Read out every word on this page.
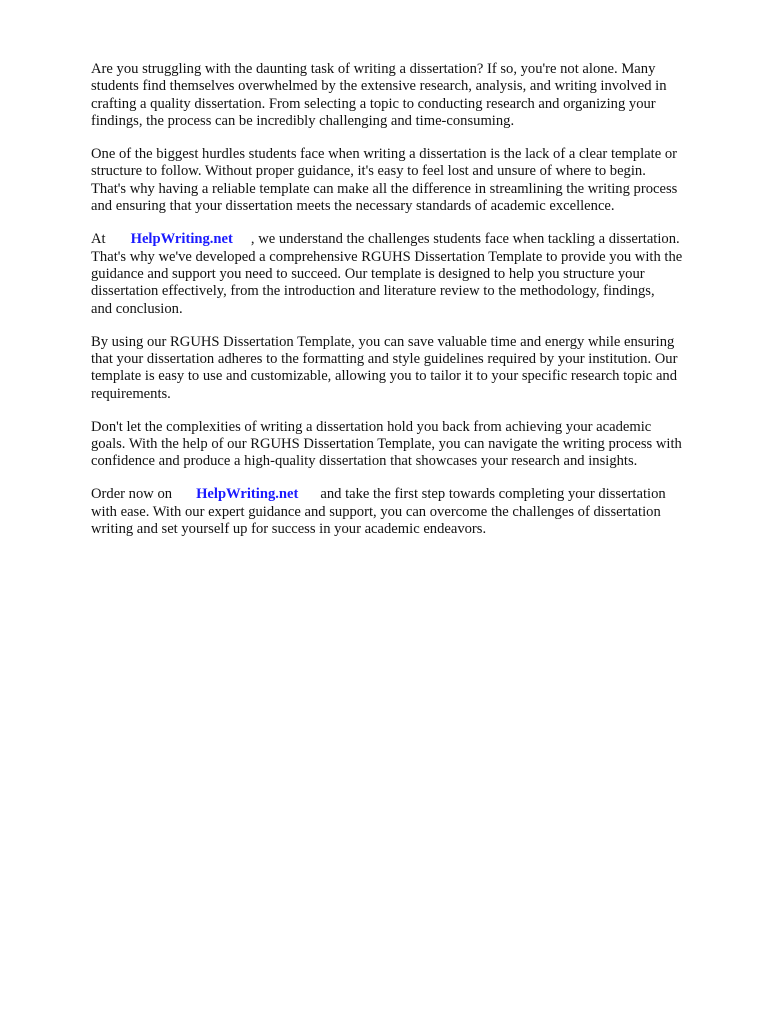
Are you struggling with the daunting task of writing a dissertation? If so, you're not alone. Many
students find themselves overwhelmed by the extensive research, analysis, and writing involved in
crafting a quality dissertation. From selecting a topic to conducting research and organizing your
findings, the process can be incredibly challenging and time-consuming.

One of the biggest hurdles students face when writing a dissertation is the lack of a clear template or
structure to follow. Without proper guidance, it's easy to feel lost and unsure of where to begin.
That's why having a reliable template can make all the difference in streamlining the writing process
and ensuring that your dissertation meets the necessary standards of academic excellence.

At HelpWriting.net , we understand the challenges students face when tackling a dissertation.
That's why we've developed a comprehensive RGUHS Dissertation Template to provide you with the
guidance and support you need to succeed. Our template is designed to help you structure your
dissertation effectively, from the introduction and literature review to the methodology, findings,
and conclusion.

By using our RGUHS Dissertation Template, you can save valuable time and energy while ensuring
that your dissertation adheres to the formatting and style guidelines required by your institution. Our
template is easy to use and customizable, allowing you to tailor it to your specific research topic and
requirements.

Don't let the complexities of writing a dissertation hold you back from achieving your academic
goals. With the help of our RGUHS Dissertation Template, you can navigate the writing process with
confidence and produce a high-quality dissertation that showcases your research and insights.

Order now on HelpWriting.net and take the first step towards completing your dissertation
with ease. With our expert guidance and support, you can overcome the challenges of dissertation
writing and set yourself up for success in your academic endeavors.
